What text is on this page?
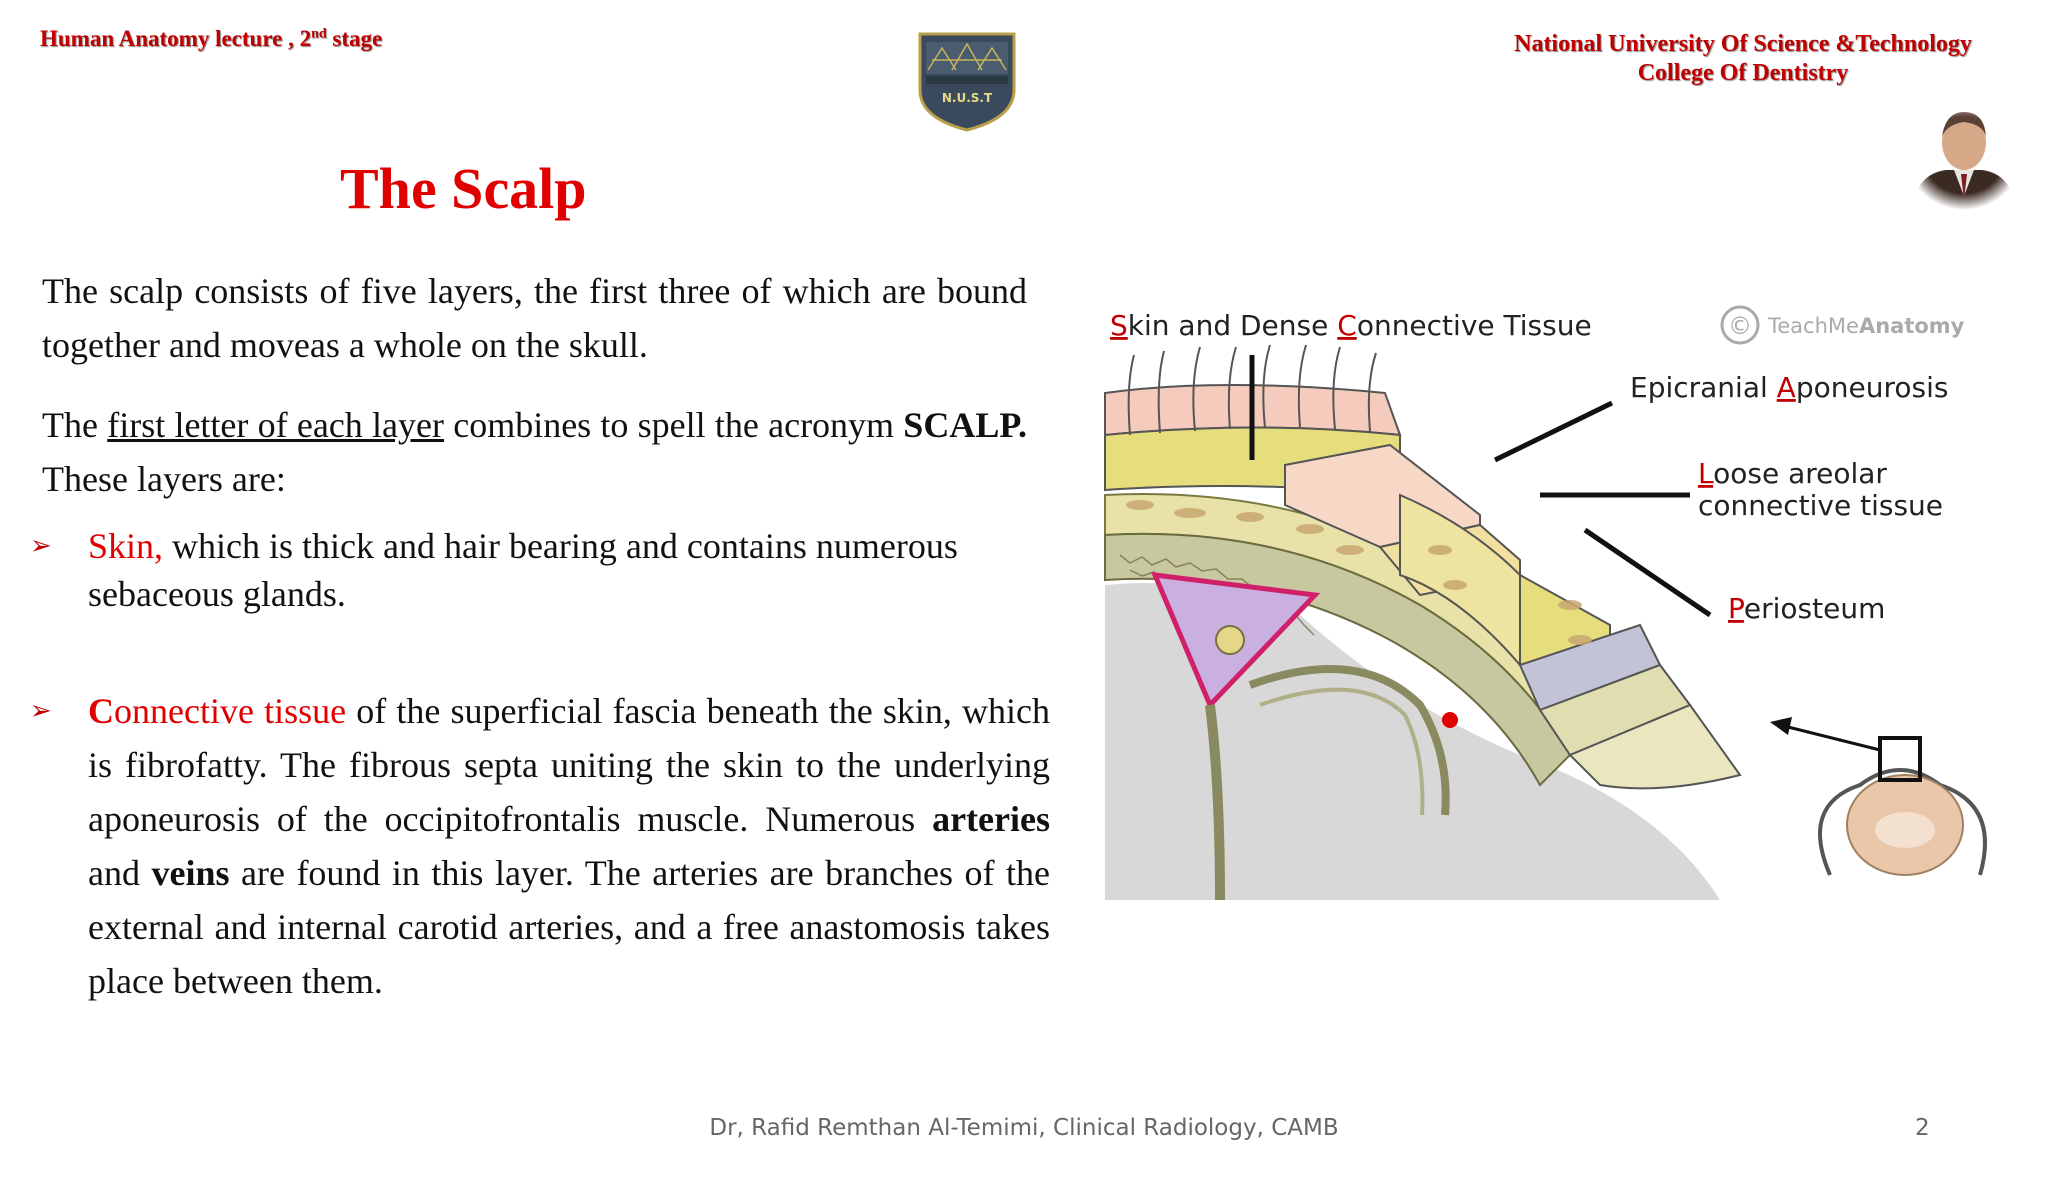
Human Anatomy lecture , 2nd stage
N.U.S.T
National University Of Science &Technology
College Of Dentistry
The Scalp
The scalp consists of five layers, the first three of which are bound together and moveas a whole on the skull.
The first letter of each layer combines to spell the acronym SCALP. These layers are:
➢ Skin, which is thick and hair bearing and contains numerous sebaceous glands.
➢ Connective tissue of the superficial fascia beneath the skin, which is fibrofatty. The fibrous septa uniting the skin to the underlying aponeurosis of the occipitofrontalis muscle. Numerous arteries and veins are found in this layer. The arteries are branches of the external and internal carotid arteries, and a free anastomosis takes place between them.
Skin and Dense Connective Tissue
Epicranial Aponeurosis
Loose areolar
connective tissue
Periosteum
© TeachMeAnatomy
Dr, Rafid Remthan Al-Temimi, Clinical Radiology, CAMB	2
